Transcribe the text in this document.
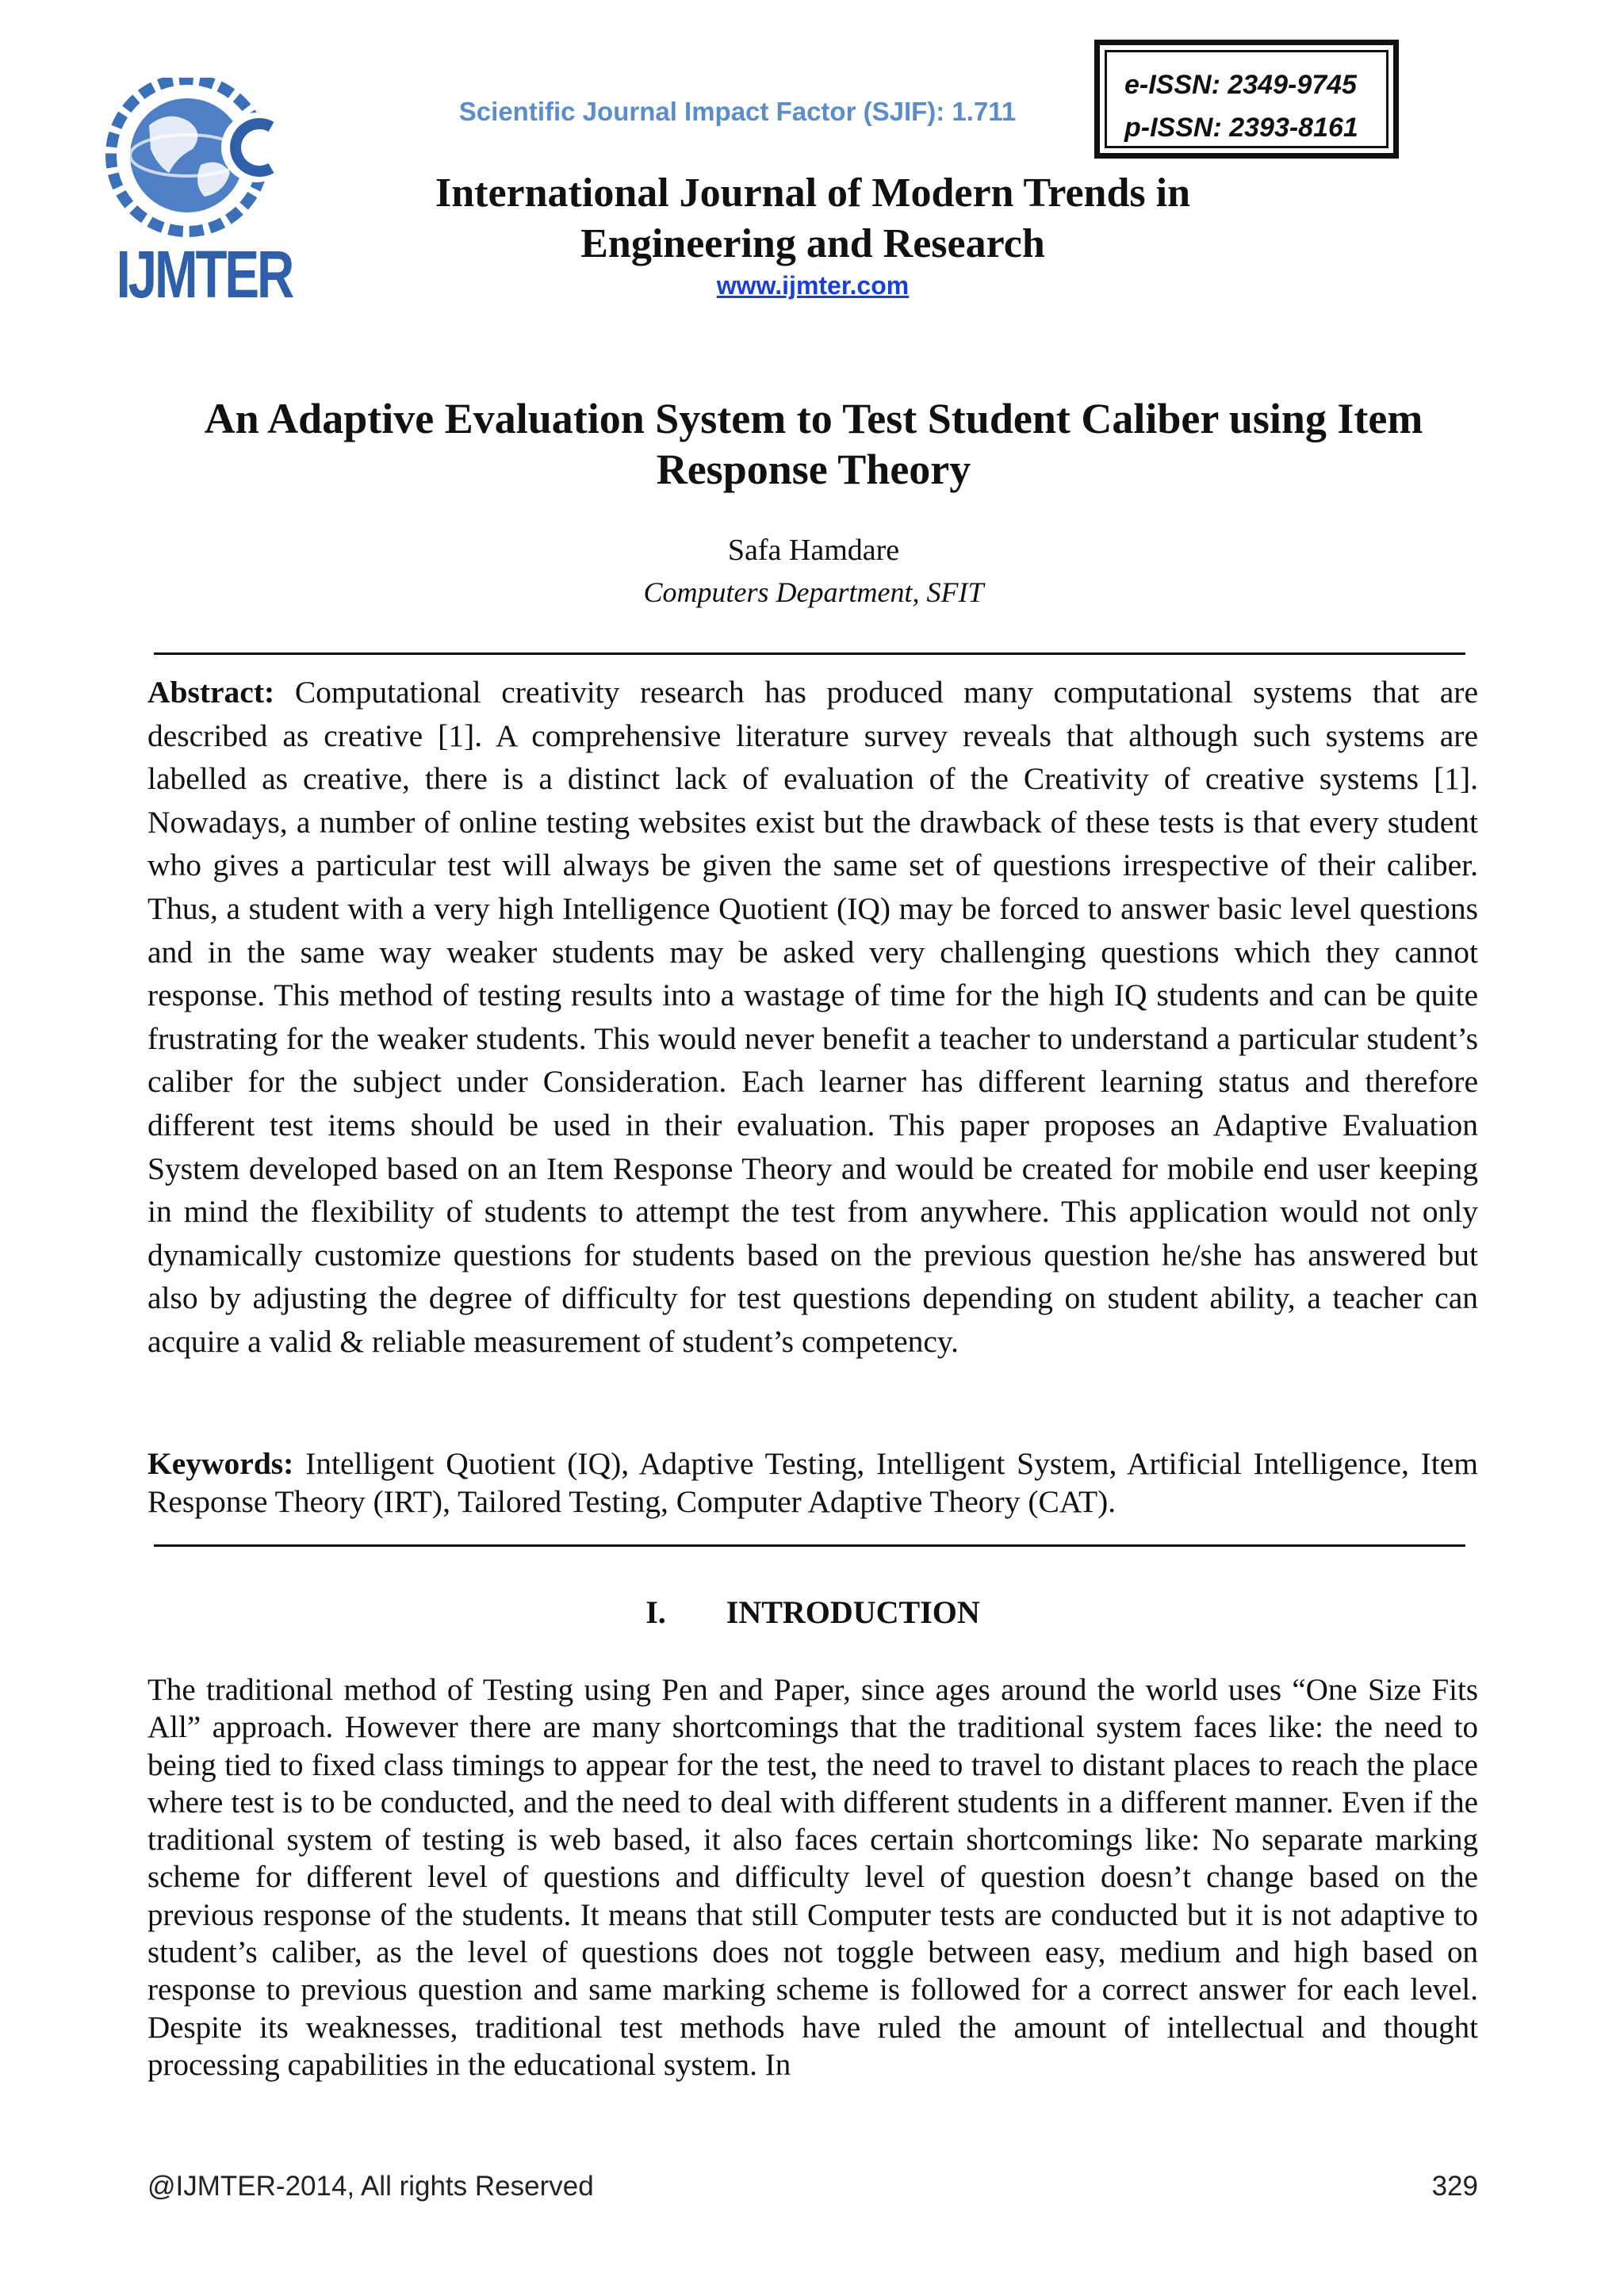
IJMTER
Scientific Journal Impact Factor (SJIF): 1.711
e-ISSN: 2349-9745
p-ISSN: 2393-8161
International Journal of Modern Trends in Engineering and Research
www.ijmter.com
An Adaptive Evaluation System to Test Student Caliber using Item Response Theory
Safa Hamdare
Computers Department, SFIT
Abstract: Computational creativity research has produced many computational systems that are described as creative [1]. A comprehensive literature survey reveals that although such systems are labelled as creative, there is a distinct lack of evaluation of the Creativity of creative systems [1]. Nowadays, a number of online testing websites exist but the drawback of these tests is that every student who gives a particular test will always be given the same set of questions irrespective of their caliber. Thus, a student with a very high Intelligence Quotient (IQ) may be forced to answer basic level questions and in the same way weaker students may be asked very challenging questions which they cannot response. This method of testing results into a wastage of time for the high IQ students and can be quite frustrating for the weaker students. This would never benefit a teacher to understand a particular student’s caliber for the subject under Consideration. Each learner has different learning status and therefore different test items should be used in their evaluation. This paper proposes an Adaptive Evaluation System developed based on an Item Response Theory and would be created for mobile end user keeping in mind the flexibility of students to attempt the test from anywhere. This application would not only dynamically customize questions for students based on the previous question he/she has answered but also by adjusting the degree of difficulty for test questions depending on student ability, a teacher can acquire a valid & reliable measurement of student’s competency.
Keywords: Intelligent Quotient (IQ), Adaptive Testing, Intelligent System, Artificial Intelligence, Item Response Theory (IRT), Tailored Testing, Computer Adaptive Theory (CAT).
I. INTRODUCTION
The traditional method of Testing using Pen and Paper, since ages around the world uses “One Size Fits All” approach. However there are many shortcomings that the traditional system faces like: the need to being tied to fixed class timings to appear for the test, the need to travel to distant places to reach the place where test is to be conducted, and the need to deal with different students in a different manner. Even if the traditional system of testing is web based, it also faces certain shortcomings like: No separate marking scheme for different level of questions and difficulty level of question doesn’t change based on the previous response of the students. It means that still Computer tests are conducted but it is not adaptive to student’s caliber, as the level of questions does not toggle between easy, medium and high based on response to previous question and same marking scheme is followed for a correct answer for each level. Despite its weaknesses, traditional test methods have ruled the amount of intellectual and thought processing capabilities in the educational system. In
@IJMTER-2014, All rights Reserved	329
